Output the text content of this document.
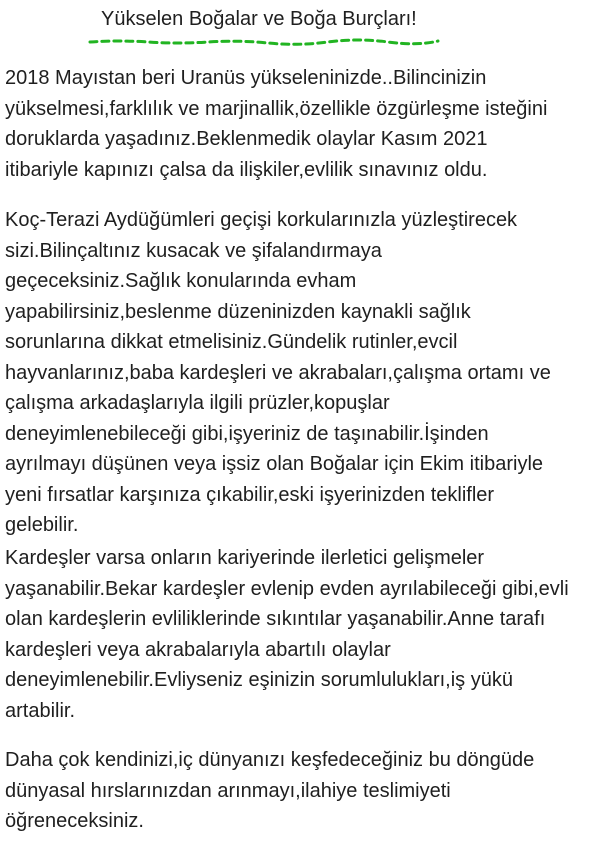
Yükselen Boğalar ve Boğa Burçları!

2018 Mayıstan beri Uranüs yükseleninizde..Bilincinizin
yükselmesi,farklılık ve marjinallik,özellikle özgürleşme isteğini
doruklarda yaşadınız.Beklenmedik olaylar Kasım 2021
itibariyle kapınızı çalsa da ilişkiler,evlilik sınavınız oldu.

Koç-Terazi Aydüğümleri geçişi korkularınızla yüzleştirecek
sizi.Bilinçaltınız kusacak ve şifalandırmaya
geçeceksiniz.Sağlık konularında evham
yapabilirsiniz,beslenme düzeninizden kaynakli sağlık
sorunlarına dikkat etmelisiniz.Gündelik rutinler,evcil
hayvanlarınız,baba kardeşleri ve akrabaları,çalışma ortamı ve
çalışma arkadaşlarıyla ilgili prüzler,kopuşlar
deneyimlenebileceği gibi,işyeriniz de taşınabilir.İşinden
ayrılmayı düşünen veya işsiz olan Boğalar için Ekim itibariyle
yeni fırsatlar karşınıza çıkabilir,eski işyerinizden teklifler
gelebilir.

Kardeşler varsa onların kariyerinde ilerletici gelişmeler
yaşanabilir.Bekar kardeşler evlenip evden ayrılabileceği gibi,evli
olan kardeşlerin evliliklerinde sıkıntılar yaşanabilir.Anne tarafı
kardeşleri veya akrabalarıyla abartılı olaylar
deneyimlenebilir.Evliyseniz eşinizin sorumlulukları,iş yükü
artabilir.

Daha çok kendinizi,iç dünyanızı keşfedeceğiniz bu döngüde
dünyasal hırslarınızdan arınmayı,ilahiye teslimiyeti
öğreneceksiniz.
